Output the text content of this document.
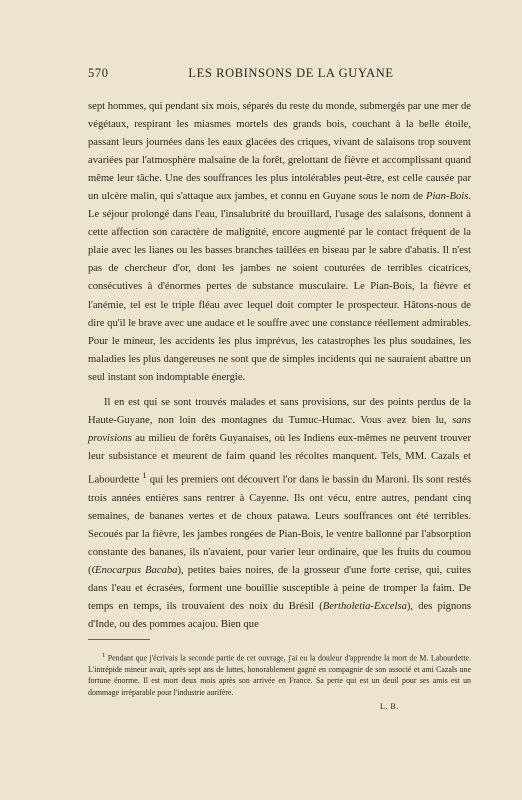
570	LES ROBINSONS DE LA GUYANE

sept hommes, qui pendant six mois, séparés du reste du monde, submergés par une mer de végétaux, respirant les miasmes mortels des grands bois, couchant à la belle étoile, passant leurs journées dans les eaux glacées des criques, vivant de salaisons trop souvent avariées par l'atmosphère malsaine de la forêt, grelottant de fièvre et accomplissant quand même leur tâche. Une des souffrances les plus intolérables peut-être, est celle causée par un ulcère malin, qui s'attaque aux jambes, et connu en Guyane sous le nom de Pian-Bois. Le séjour prolongé dans l'eau, l'insalubrité du brouillard, l'usage des salaisons, donnent à cette affection son caractère de malignité, encore augmenté par le contact fréquent de la plaie avec les lianes ou les basses branches taillées en biseau par le sabre d'abatis. Il n'est pas de chercheur d'or, dont les jambes ne soient couturées de terribles cicatrices, consécutives à d'énormes pertes de substance musculaire. Le Pian-Bois, la fièvre et l'anémie, tel est le triple fléau avec lequel doit compter le prospecteur. Hâtons-nous de dire qu'il le brave avec une audace et le souffre avec une constance réellement admirables. Pour le mineur, les accidents les plus imprévus, les catastrophes les plus soudaines, les maladies les plus dangereuses ne sont que de simples incidents qui ne sauraient abattre un seul instant son indomptable énergie.

Il en est qui se sont trouvés malades et sans provisions, sur des points perdus de la Haute-Guyane, non loin des montagnes du Tumuc-Humac. Vous avez bien lu, sans provisions au milieu de forêts Guyanaises, où les Indiens eux-mêmes ne peuvent trouver leur subsistance et meurent de faim quand les récoltes manquent. Tels, MM. Cazals et Labourdette $^1$ qui les premiers ont découvert l'or dans le bassin du Maroni. Ils sont restés trois années entières sans rentrer à Cayenne. Ils ont vécu, entre autres, pendant cinq semaines, de bananes vertes et de choux patawa. Leurs souffrances ont été terribles. Secoués par la fièvre, les jambes rongées de Pian-Bois, le ventre ballonné par l'absorption constante des bananes, ils n'avaient, pour varier leur ordinaire, que les fruits du coumou (Œnocarpus Bacaba), petites baies noires, de la grosseur d'une forte cerise, qui, cuites dans l'eau et écrasées, forment une bouillie susceptible à peine de tromper la faim. De temps en temps, ils trouvaient des noix du Brésil (Bertholetia-Excelsa), des pignons d'Inde, ou des pommes acajou. Bien que

$^1$ Pendant que j'écrivais la seconde partie de cet ouvrage, j'ai eu la douleur d'apprendre la mort de M. Labourdette. L'intrépide mineur avait, après sept ans de luttes, honorablement gagné en compagnie de son associé et ami Cazals une fortune énorme. Il est mort deux mois après son arrivée en France. Sa perte qui est un deuil pour ses amis est un dommage irréparable pour l'industrie aurifère.

L. B.
